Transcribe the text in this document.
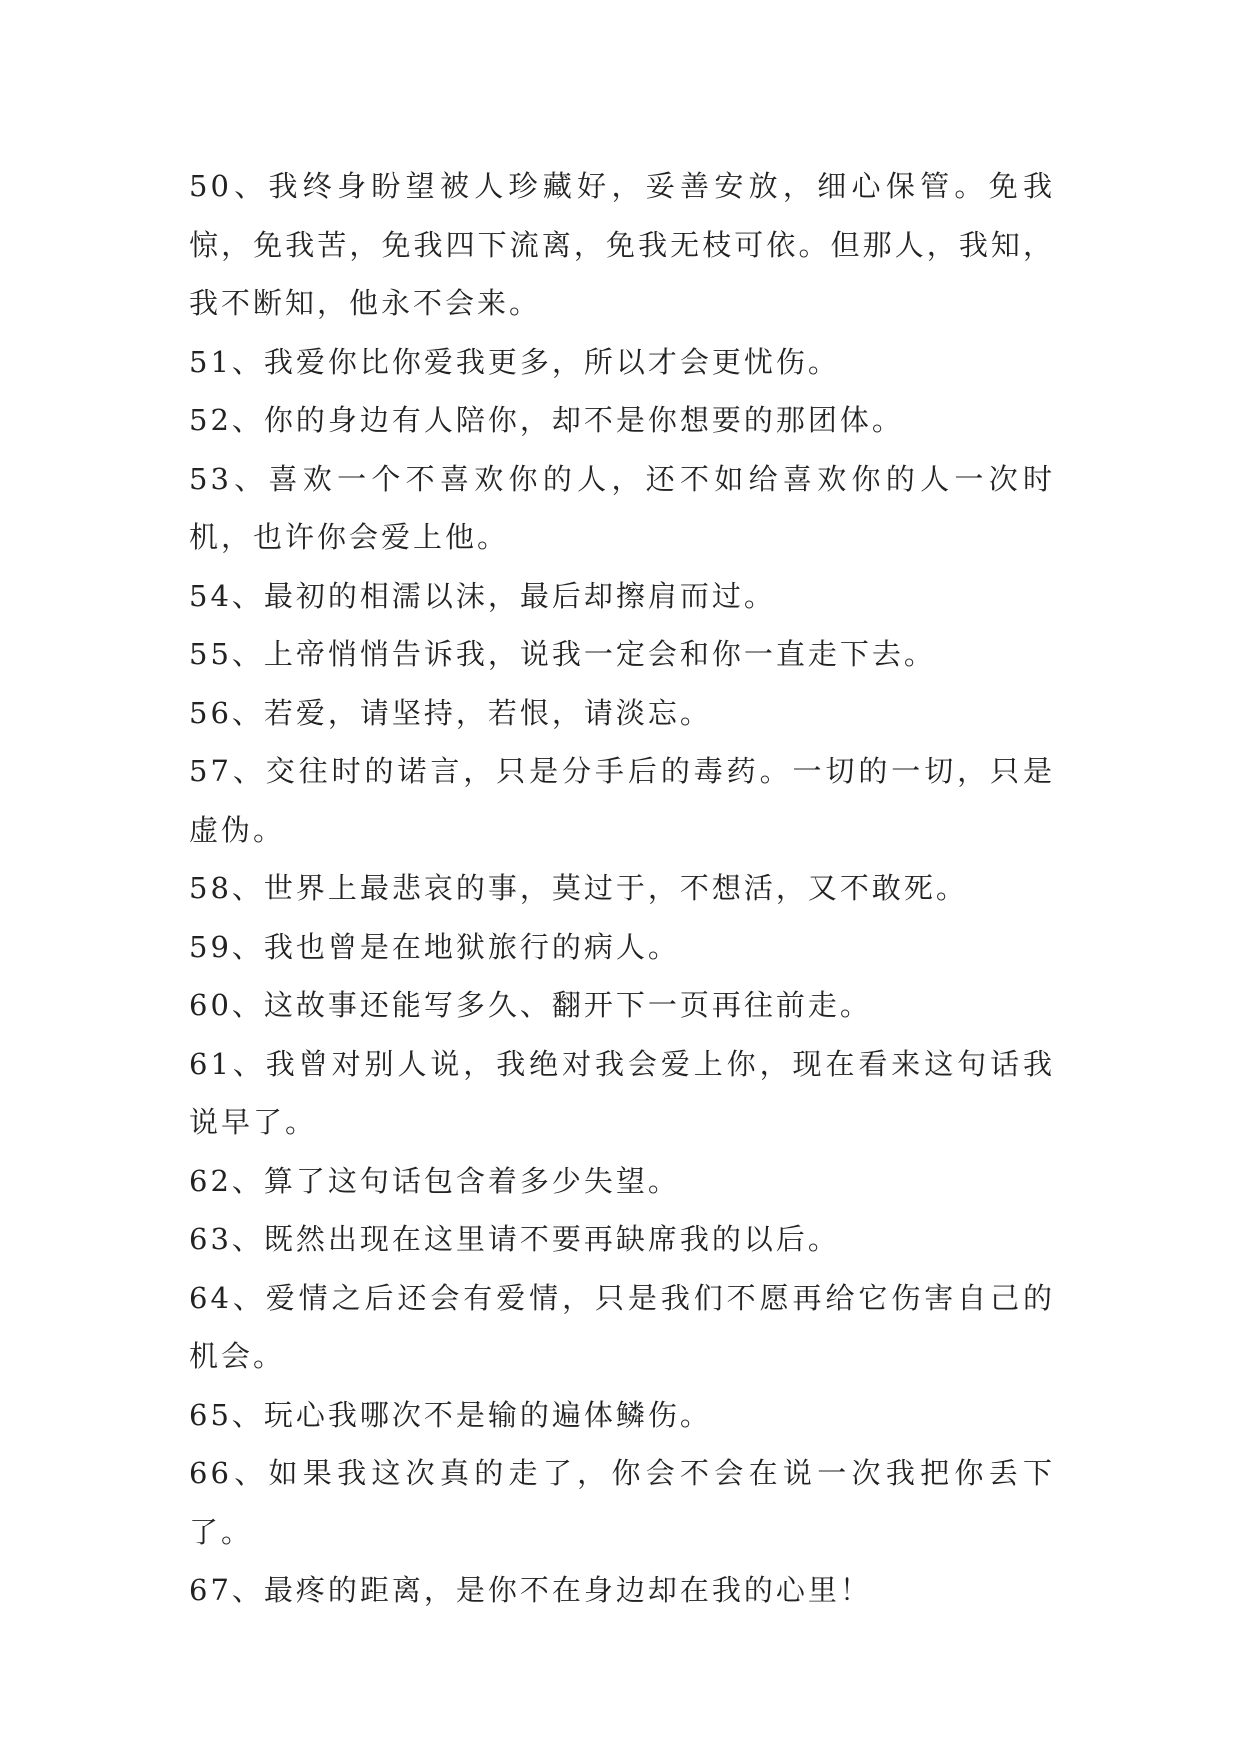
50、我终身盼望被人珍藏好，妥善安放，细心保管。免我惊，免我苦，免我四下流离，免我无枝可依。但那人，我知，我不断知，他永不会来。

51、我爱你比你爱我更多，所以才会更忧伤。

52、你的身边有人陪你，却不是你想要的那团体。

53、喜欢一个不喜欢你的人，还不如给喜欢你的人一次时机，也许你会爱上他。

54、最初的相濡以沫，最后却擦肩而过。

55、上帝悄悄告诉我，说我一定会和你一直走下去。

56、若爱，请坚持，若恨，请淡忘。

57、交往时的诺言，只是分手后的毒药。一切的一切，只是虚伪。

58、世界上最悲哀的事，莫过于，不想活，又不敢死。

59、我也曾是在地狱旅行的病人。

60、这故事还能写多久、翻开下一页再往前走。

61、我曾对别人说，我绝对我会爱上你，现在看来这句话我说早了。

62、算了这句话包含着多少失望。

63、既然出现在这里请不要再缺席我的以后。

64、爱情之后还会有爱情，只是我们不愿再给它伤害自己的机会。

65、玩心我哪次不是输的遍体鳞伤。

66、如果我这次真的走了，你会不会在说一次我把你丢下了。

67、最疼的距离，是你不在身边却在我的心里！
